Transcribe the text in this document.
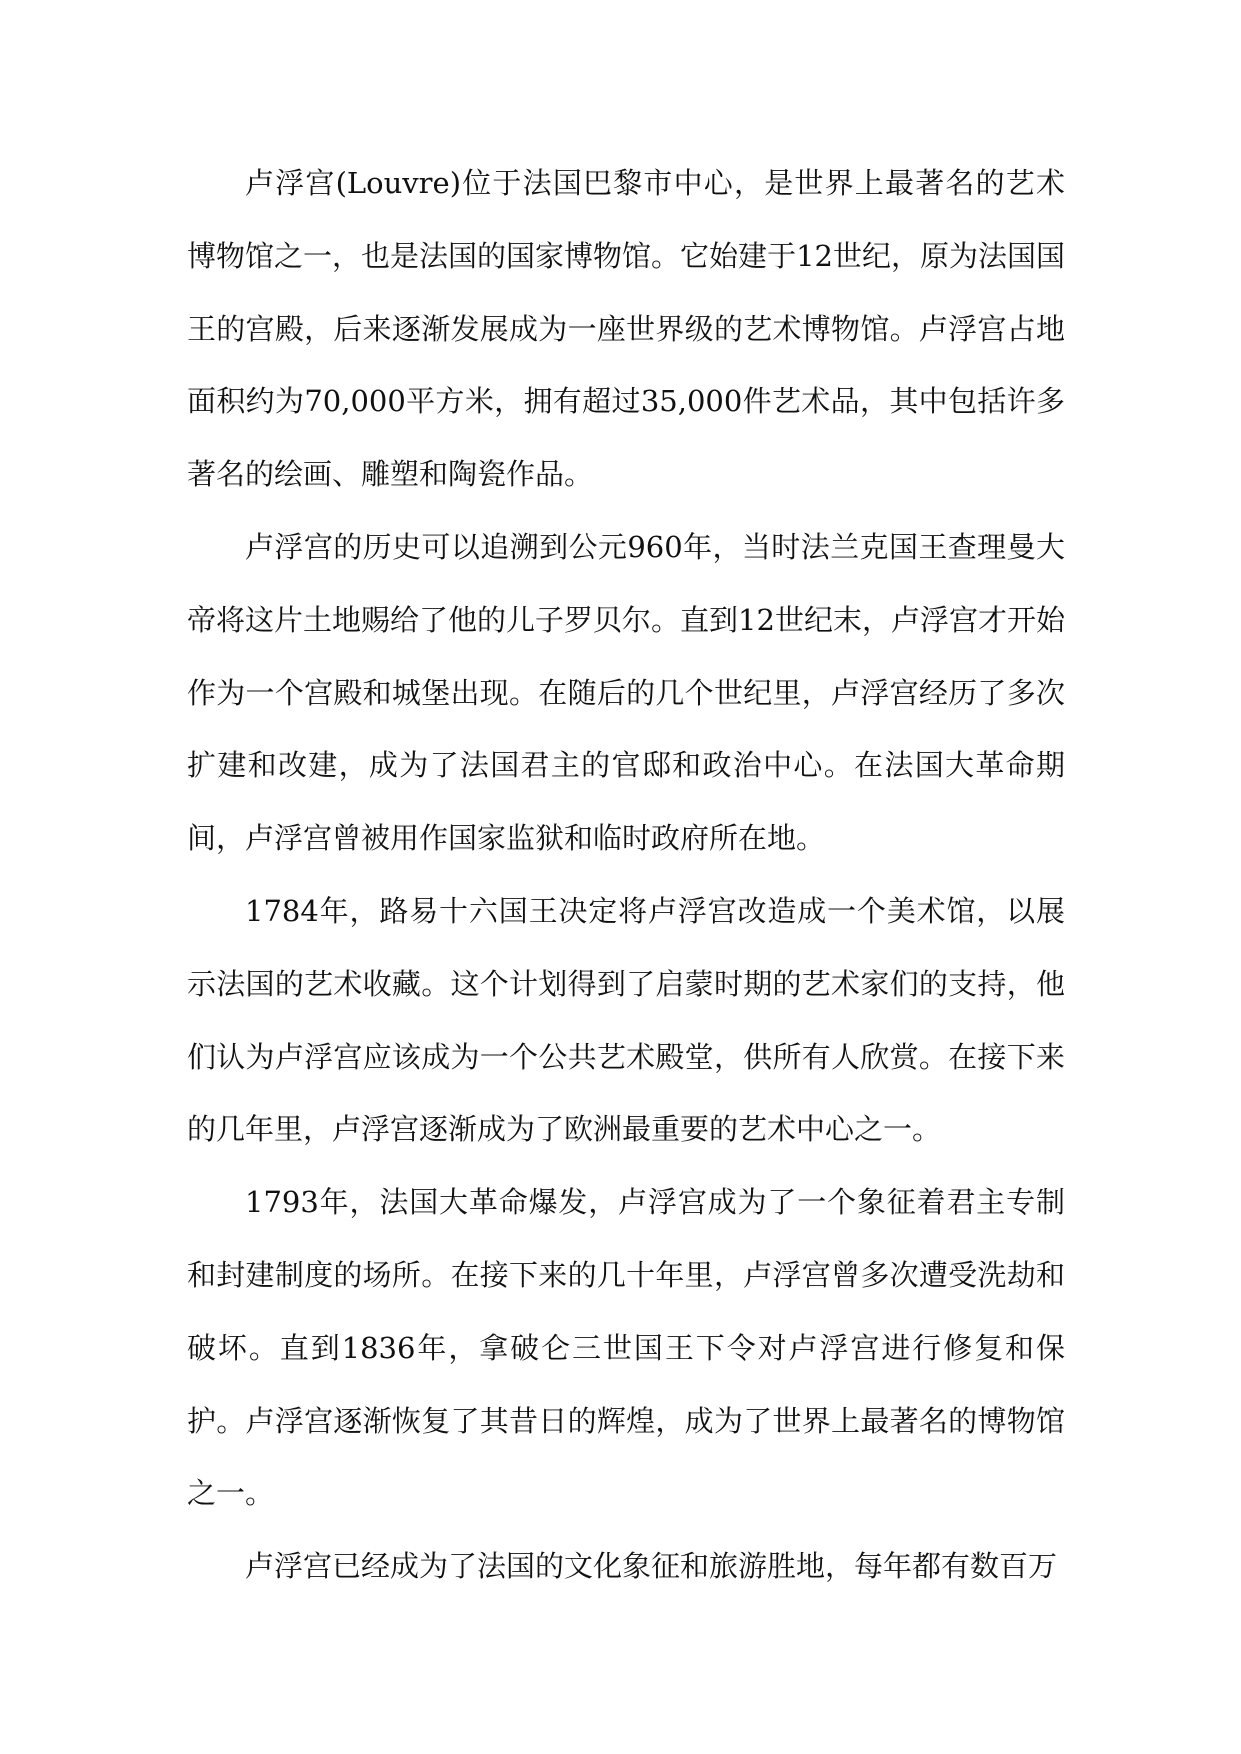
卢浮宫(Louvre)位于法国巴黎市中心，是世界上最著名的艺术博物馆之一，也是法国的国家博物馆。它始建于12世纪，原为法国国王的宫殿，后来逐渐发展成为一座世界级的艺术博物馆。卢浮宫占地面积约为70,000平方米，拥有超过35,000件艺术品，其中包括许多著名的绘画、雕塑和陶瓷作品。

卢浮宫的历史可以追溯到公元960年，当时法兰克国王查理曼大帝将这片土地赐给了他的儿子罗贝尔。直到12世纪末，卢浮宫才开始作为一个宫殿和城堡出现。在随后的几个世纪里，卢浮宫经历了多次扩建和改建，成为了法国君主的官邸和政治中心。在法国大革命期间，卢浮宫曾被用作国家监狱和临时政府所在地。

1784年，路易十六国王决定将卢浮宫改造成一个美术馆，以展示法国的艺术收藏。这个计划得到了启蒙时期的艺术家们的支持，他们认为卢浮宫应该成为一个公共艺术殿堂，供所有人欣赏。在接下来的几年里，卢浮宫逐渐成为了欧洲最重要的艺术中心之一。

1793年，法国大革命爆发，卢浮宫成为了一个象征着君主专制和封建制度的场所。在接下来的几十年里，卢浮宫曾多次遭受洗劫和破坏。直到1836年，拿破仑三世国王下令对卢浮宫进行修复和保护。卢浮宫逐渐恢复了其昔日的辉煌，成为了世界上最著名的博物馆之一。

卢浮宫已经成为了法国的文化象征和旅游胜地，每年都有数百万
